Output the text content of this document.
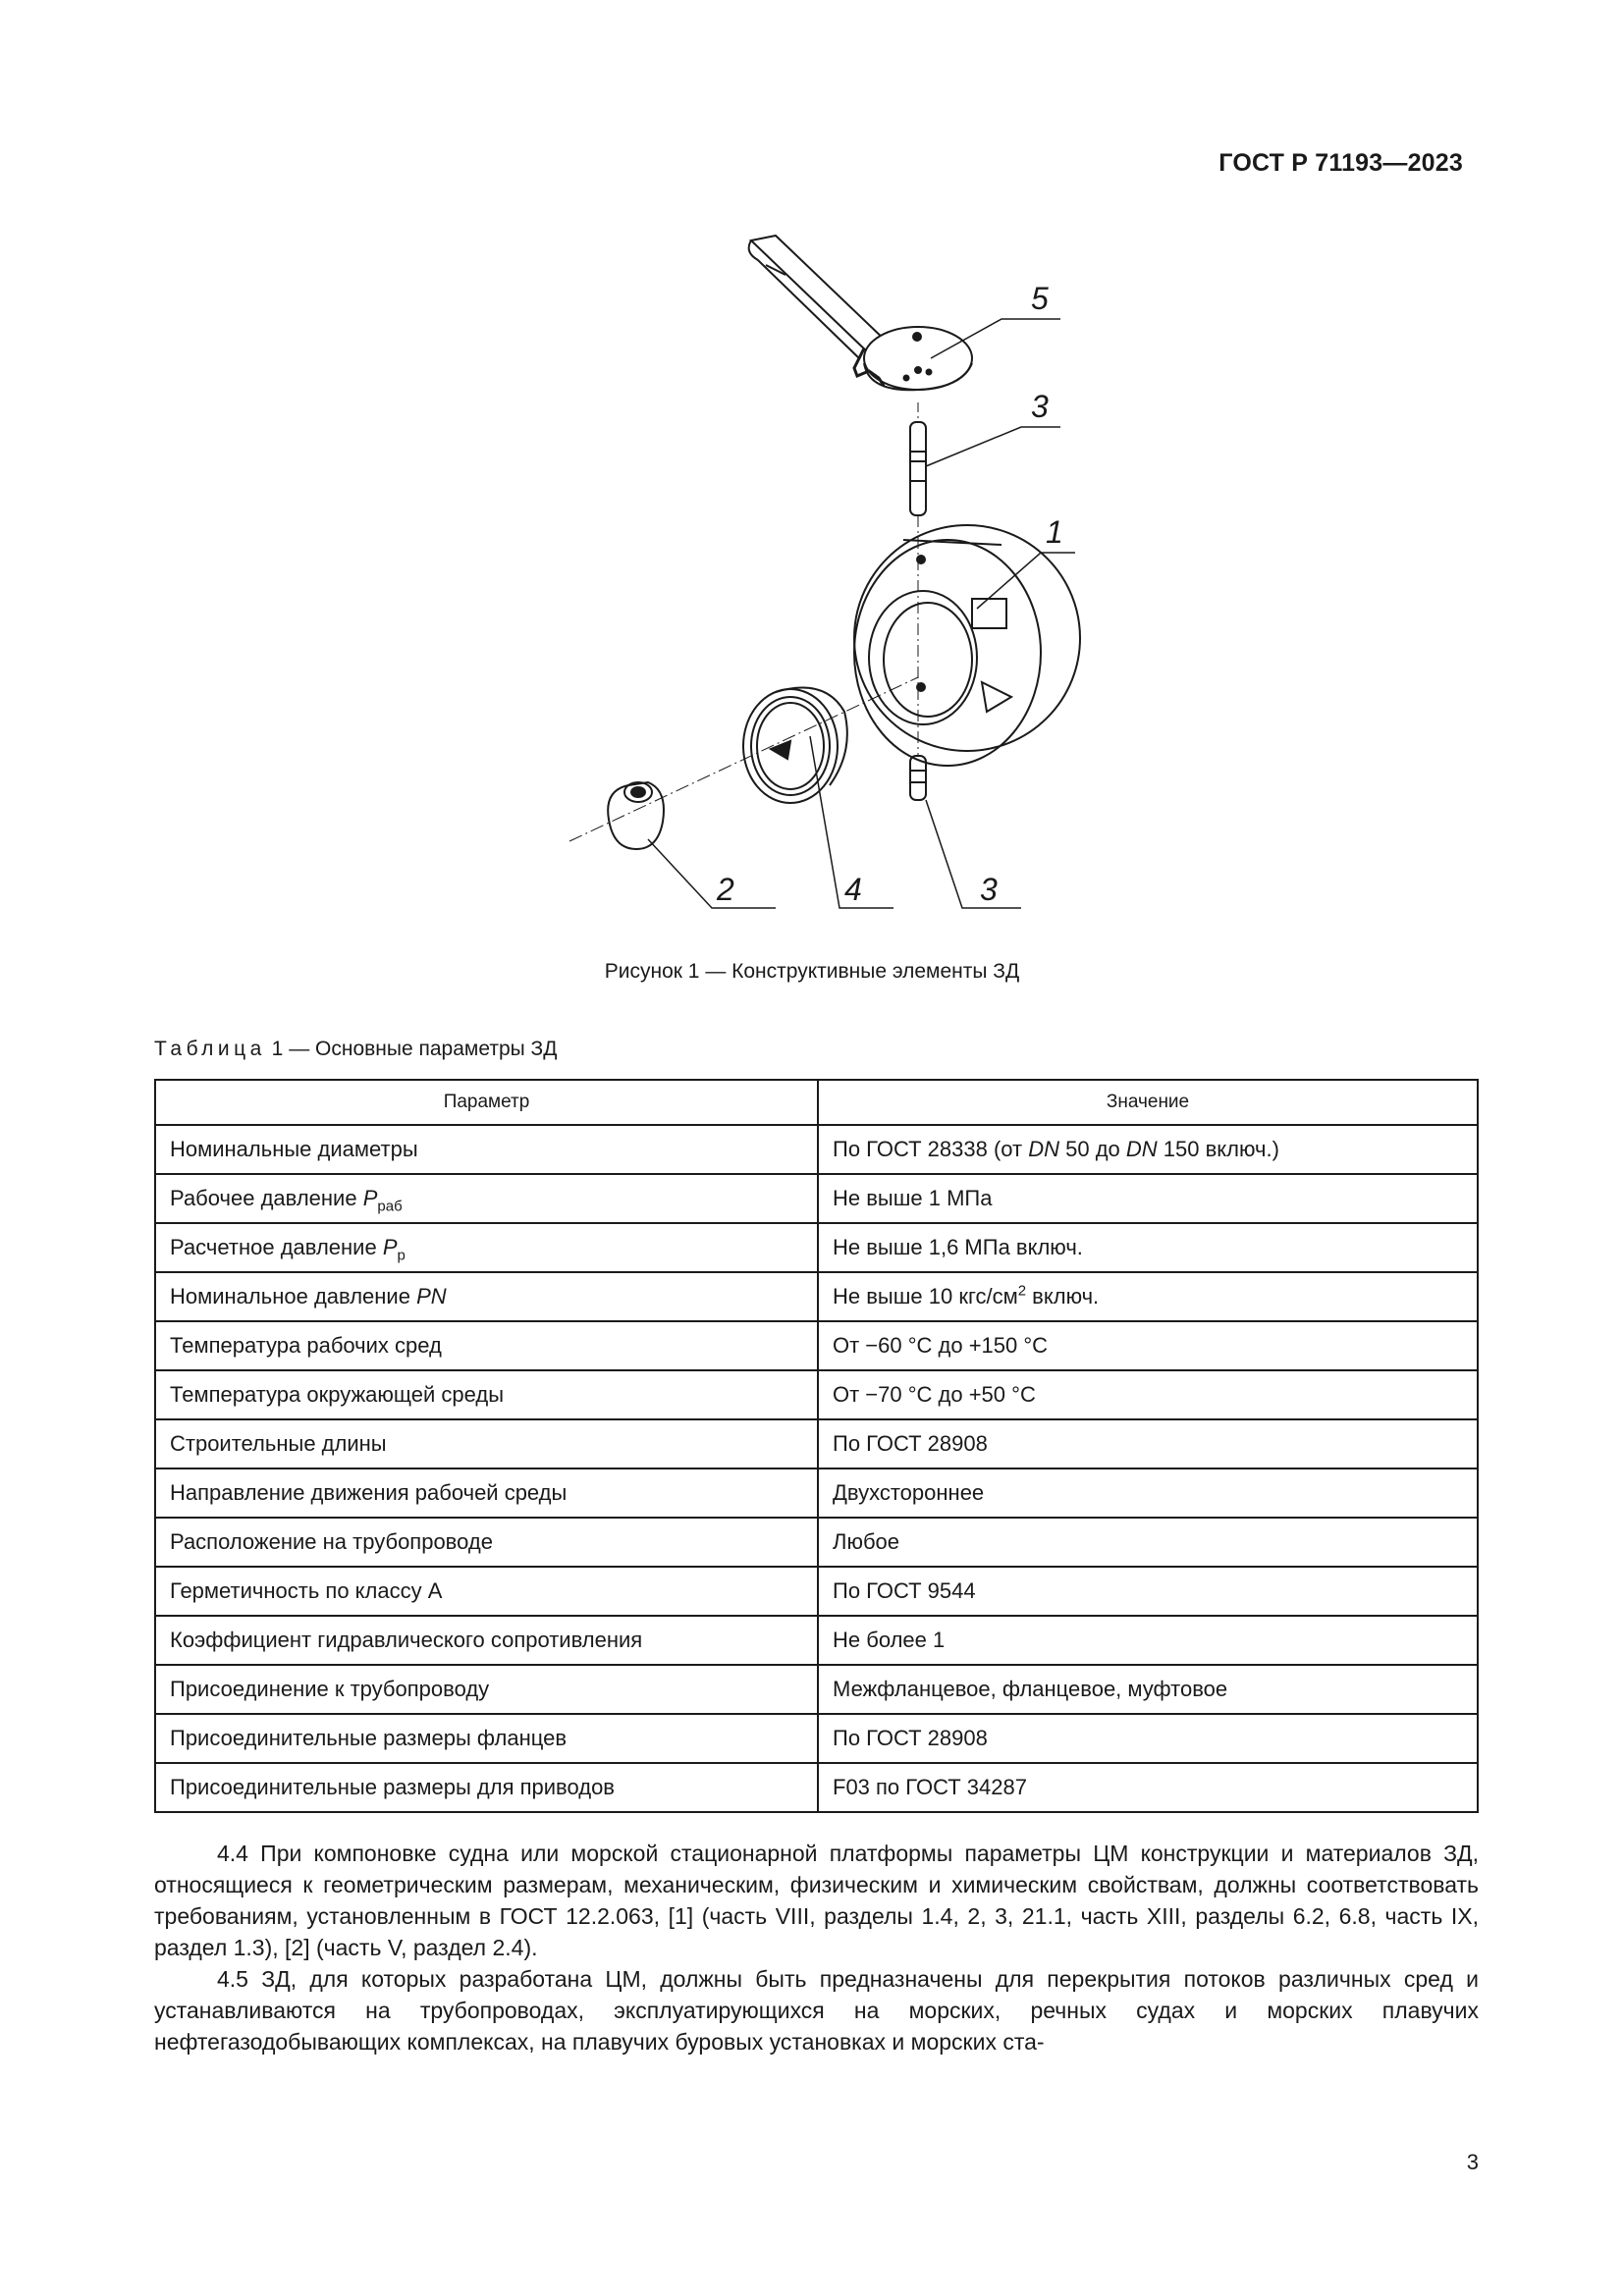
ГОСТ Р 71193—2023
5
3
1
2	4	3
Рисунок 1 — Конструктивные элементы ЗД
Таблица 1 — Основные параметры ЗД
Параметр	Значение
Номинальные диаметры	По ГОСТ 28338 (от DN 50 до DN 150 включ.)
Рабочее давление $P_{раб}$	Не выше 1 МПа
Расчетное давление $P_р$	Не выше 1,6 МПа включ.
Номинальное давление PN	Не выше 10 кгс/$см^2$ включ.
Температура рабочих сред	От −60 °С до +150 °С
Температура окружающей среды	От −70 °С до +50 °С
Строительные длины	По ГОСТ 28908
Направление движения рабочей среды	Двухстороннее
Расположение на трубопроводе	Любое
Герметичность по классу А	По ГОСТ 9544
Коэффициент гидравлического сопротивления	Не более 1
Присоединение к трубопроводу	Межфланцевое, фланцевое, муфтовое
Присоединительные размеры фланцев	По ГОСТ 28908
Присоединительные размеры для приводов	F03 по ГОСТ 34287

4.4 При компоновке судна или морской стационарной платформы параметры ЦМ конструкции и материалов ЗД, относящиеся к геометрическим размерам, механическим, физическим и химическим свойствам, должны соответствовать требованиям, установленным в ГОСТ 12.2.063, [1] (часть VIII, разделы 1.4, 2, 3, 21.1, часть XIII, разделы 6.2, 6.8, часть IX, раздел 1.3), [2] (часть V, раздел 2.4).

4.5 ЗД, для которых разработана ЦМ, должны быть предназначены для перекрытия потоков различных сред и устанавливаются на трубопроводах, эксплуатирующихся на морских, речных судах и морских плавучих нефтегазодобывающих комплексах, на плавучих буровых установках и морских ста-

3
